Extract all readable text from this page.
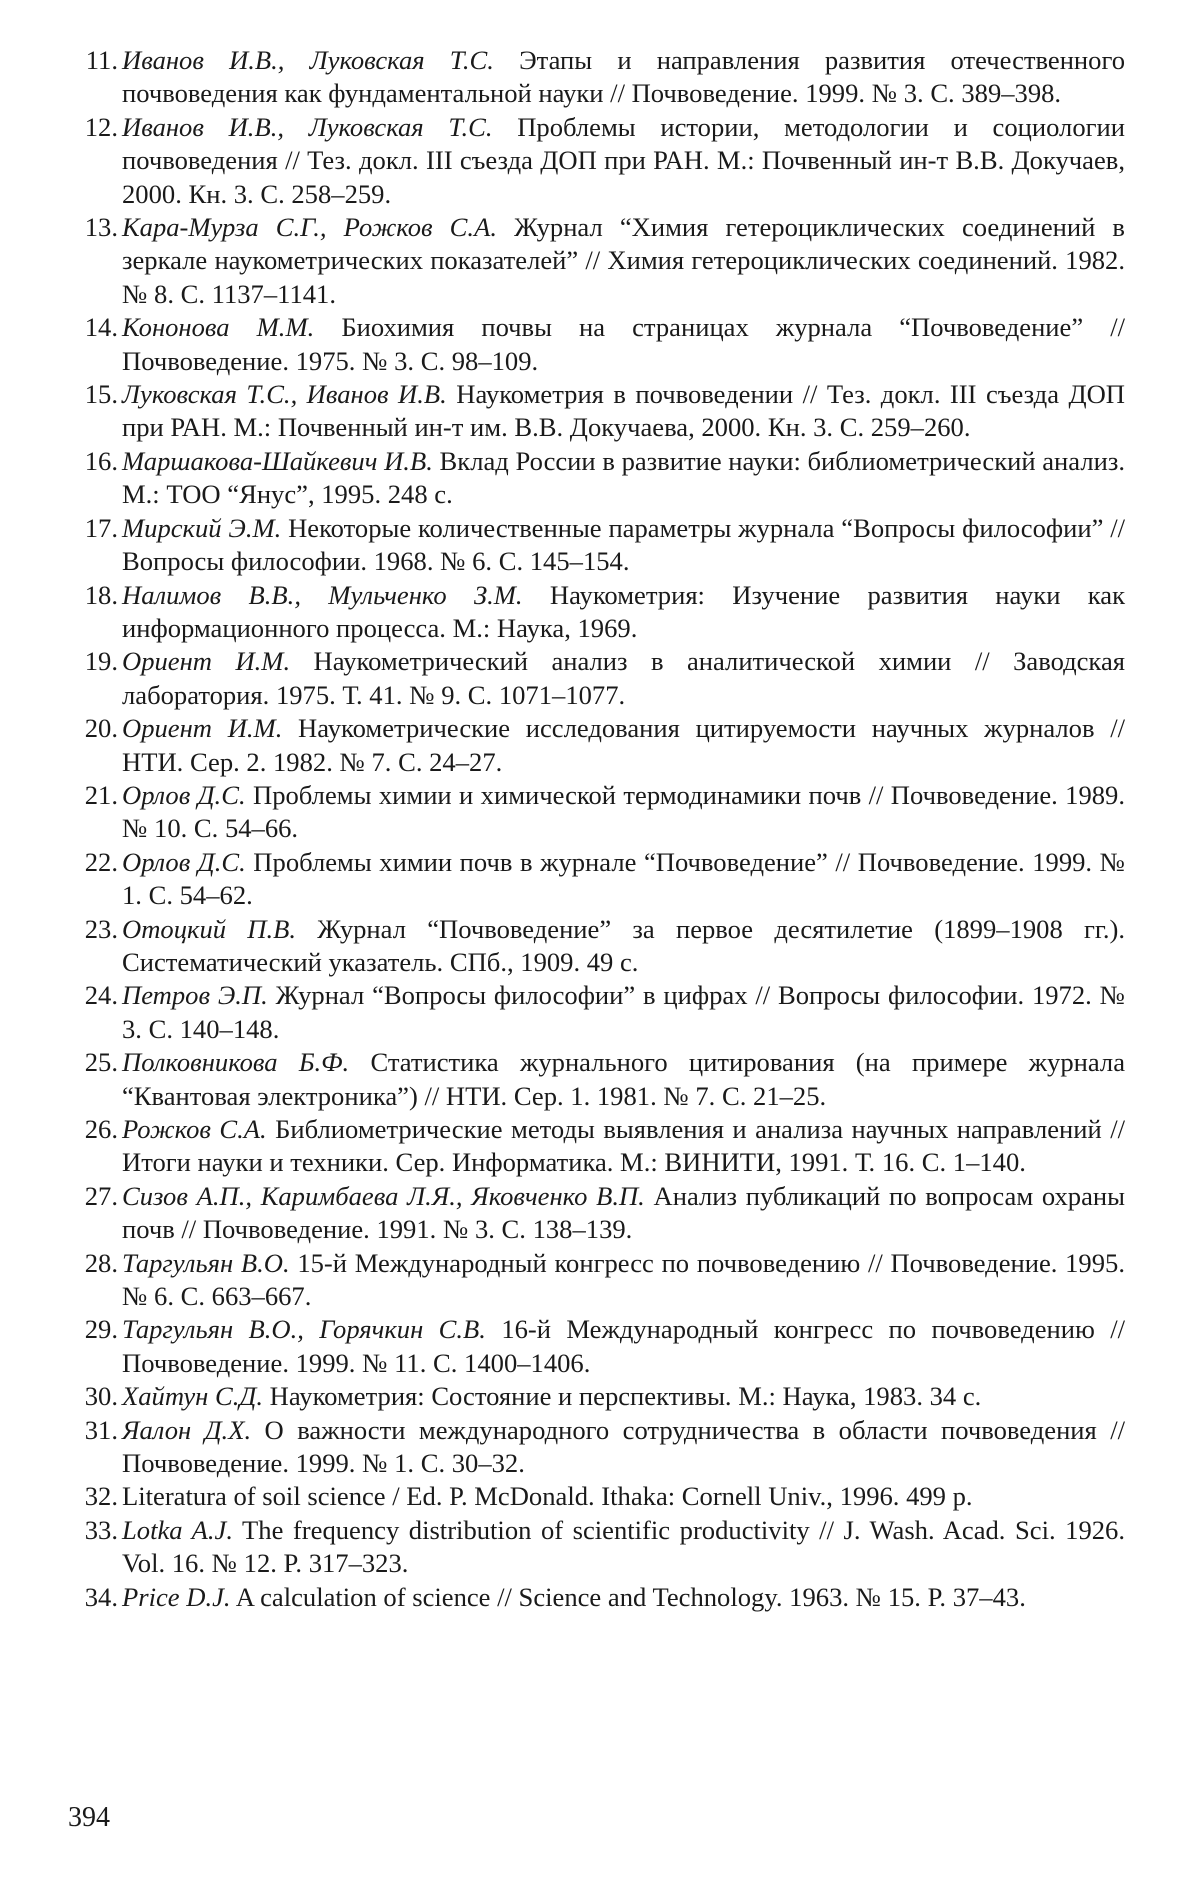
11. Иванов И.В., Луковская Т.С. Этапы и направления развития отечественного почвоведения как фундаментальной науки // Почвоведение. 1999. № 3. С. 389–398.
12. Иванов И.В., Луковская Т.С. Проблемы истории, методологии и социологии почвоведения // Тез. докл. III съезда ДОП при РАН. М.: Почвенный ин-т В.В. Докучаев, 2000. Кн. 3. С. 258–259.
13. Кара-Мурза С.Г., Рожков С.А. Журнал “Химия гетероциклических соединений в зеркале наукометрических показателей” // Химия гетероциклических соединений. 1982. № 8. С. 1137–1141.
14. Кононова М.М. Биохимия почвы на страницах журнала “Почвоведение” // Почвоведение. 1975. № 3. С. 98–109.
15. Луковская Т.С., Иванов И.В. Наукометрия в почвоведении // Тез. докл. III съезда ДОП при РАН. М.: Почвенный ин-т им. В.В. Докучаева, 2000. Кн. 3. С. 259–260.
16. Маршакова-Шайкевич И.В. Вклад России в развитие науки: библиометрический анализ. М.: ТОО “Янус”, 1995. 248 с.
17. Мирский Э.М. Некоторые количественные параметры журнала “Вопросы философии” // Вопросы философии. 1968. № 6. С. 145–154.
18. Налимов В.В., Мульченко З.М. Наукометрия: Изучение развития науки как информационного процесса. М.: Наука, 1969.
19. Ориент И.М. Наукометрический анализ в аналитической химии // Заводская лаборатория. 1975. Т. 41. № 9. С. 1071–1077.
20. Ориент И.М. Наукометрические исследования цитируемости научных журналов // НТИ. Сер. 2. 1982. № 7. С. 24–27.
21. Орлов Д.С. Проблемы химии и химической термодинамики почв // Почвоведение. 1989. № 10. С. 54–66.
22. Орлов Д.С. Проблемы химии почв в журнале “Почвоведение” // Почвоведение. 1999. № 1. С. 54–62.
23. Отоцкий П.В. Журнал “Почвоведение” за первое десятилетие (1899–1908 гг.). Систематический указатель. СПб., 1909. 49 с.
24. Петров Э.П. Журнал “Вопросы философии” в цифрах // Вопросы философии. 1972. № 3. С. 140–148.
25. Полковникова Б.Ф. Статистика журнального цитирования (на примере журнала “Квантовая электроника”) // НТИ. Сер. 1. 1981. № 7. С. 21–25.
26. Рожков С.А. Библиометрические методы выявления и анализа научных направлений // Итоги науки и техники. Сер. Информатика. М.: ВИНИТИ, 1991. Т. 16. С. 1–140.
27. Сизов А.П., Каримбаева Л.Я., Яковченко В.П. Анализ публикаций по вопросам охраны почв // Почвоведение. 1991. № 3. С. 138–139.
28. Таргульян В.О. 15-й Международный конгресс по почвоведению // Почвоведение. 1995. № 6. С. 663–667.
29. Таргульян В.О., Горячкин С.В. 16-й Международный конгресс по почвоведению // Почвоведение. 1999. № 11. С. 1400–1406.
30. Хайтун С.Д. Наукометрия: Состояние и перспективы. М.: Наука, 1983. 34 с.
31. Яалон Д.Х. О важности международного сотрудничества в области почвоведения // Почвоведение. 1999. № 1. С. 30–32.
32. Literatura of soil science / Ed. P. McDonald. Ithaka: Cornell Univ., 1996. 499 p.
33. Lotka A.J. The frequency distribution of scientific productivity // J. Wash. Acad. Sci. 1926. Vol. 16. № 12. P. 317–323.
34. Price D.J. A calculation of science // Science and Technology. 1963. № 15. P. 37–43.
394
